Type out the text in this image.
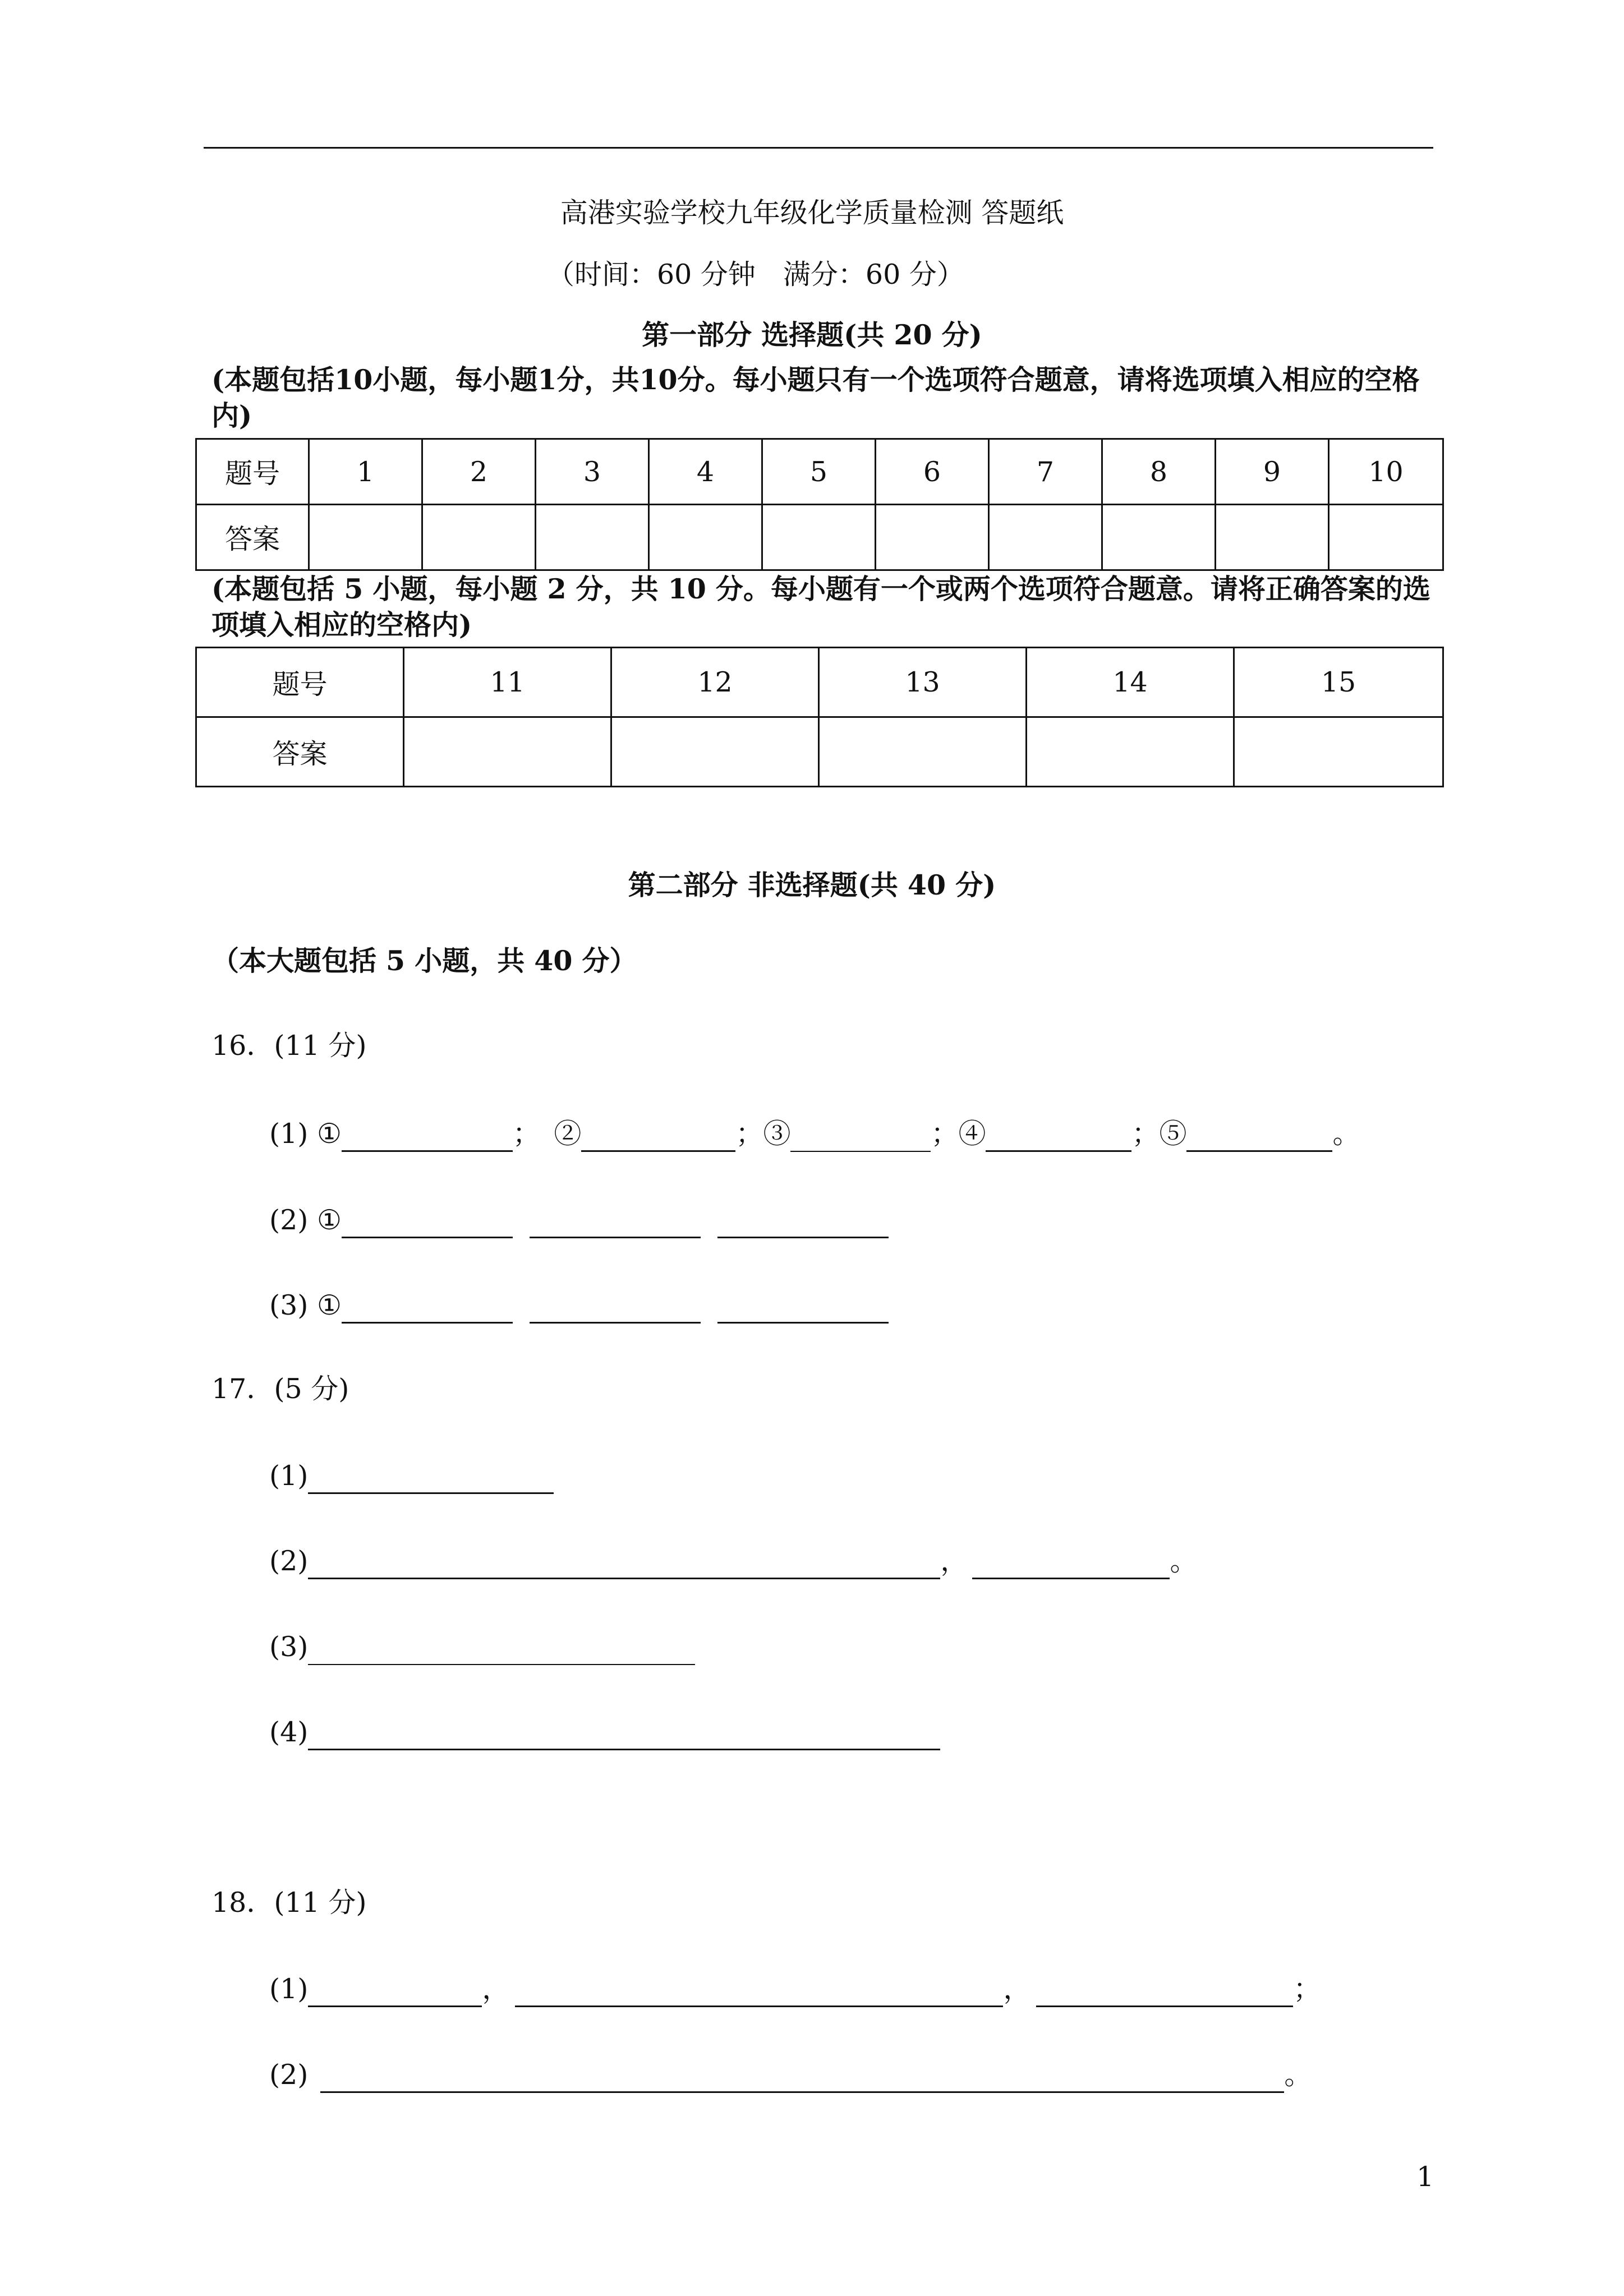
高港实验学校九年级化学质量检测 答题纸
（时间：60 分钟　满分：60 分）
第一部分 选择题(共 20 分)
(本题包括10小题，每小题1分，共10分。每小题只有一个选项符合题意，请将选项填入相应的空格内)
题号	1	2	3	4	5	6	7	8	9	10
答案										
(本题包括 5 小题，每小题 2 分，共 10 分。每小题有一个或两个选项符合题意。请将正确答案的选项填入相应的空格内)
题号	11	12	13	14	15
答案					
第二部分 非选择题(共 40 分)
（本大题包括 5 小题，共 40 分）
16．(11 分)
(1) ①	；　②	；③	；④	；⑤	。
(2) ①
(3) ①
17．(5 分)
(1)
(2)	，	。
(3)
(4)
18．(11 分)
(1)	，	，	；
(2)	。
1
